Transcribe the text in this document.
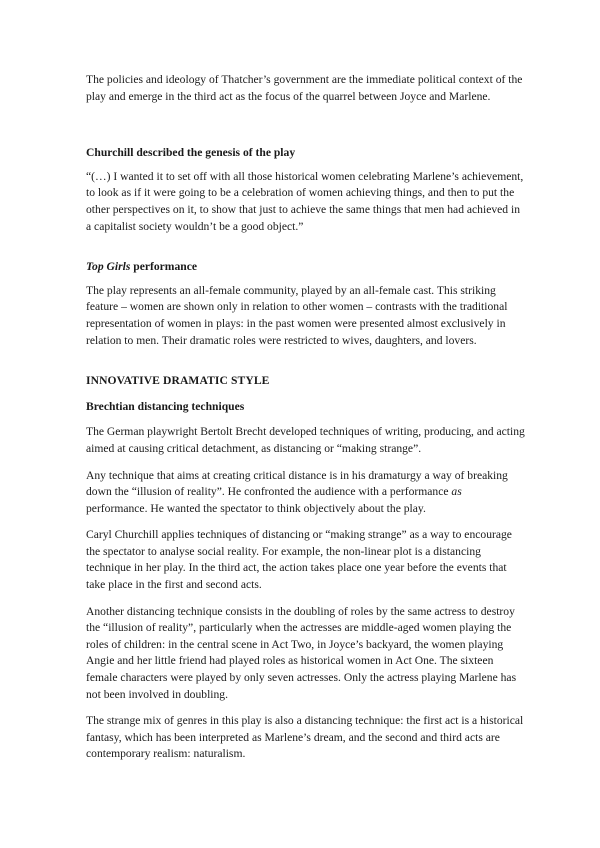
The policies and ideology of Thatcher’s government are the immediate political context of the play and emerge in the third act as the focus of the quarrel between Joyce and Marlene.

Churchill described the genesis of the play

“(…) I wanted it to set off with all those historical women celebrating Marlene’s achievement, to look as if it were going to be a celebration of women achieving things, and then to put the other perspectives on it, to show that just to achieve the same things that men had achieved in a capitalist society wouldn’t be a good object.”

Top Girls performance

The play represents an all-female community, played by an all-female cast. This striking feature – women are shown only in relation to other women – contrasts with the traditional representation of women in plays: in the past women were presented almost exclusively in relation to men. Their dramatic roles were restricted to wives, daughters, and lovers.

INNOVATIVE DRAMATIC STYLE

Brechtian distancing techniques

The German playwright Bertolt Brecht developed techniques of writing, producing, and acting aimed at causing critical detachment, as distancing or “making strange”.

Any technique that aims at creating critical distance is in his dramaturgy a way of breaking down the “illusion of reality”. He confronted the audience with a performance as performance. He wanted the spectator to think objectively about the play.

Caryl Churchill applies techniques of distancing or “making strange” as a way to encourage the spectator to analyse social reality. For example, the non-linear plot is a distancing technique in her play. In the third act, the action takes place one year before the events that take place in the first and second acts.

Another distancing technique consists in the doubling of roles by the same actress to destroy the “illusion of reality”, particularly when the actresses are middle-aged women playing the roles of children: in the central scene in Act Two, in Joyce’s backyard, the women playing Angie and her little friend had played roles as historical women in Act One. The sixteen female characters were played by only seven actresses. Only the actress playing Marlene has not been involved in doubling.

The strange mix of genres in this play is also a distancing technique: the first act is a historical fantasy, which has been interpreted as Marlene’s dream, and the second and third acts are contemporary realism: naturalism.
